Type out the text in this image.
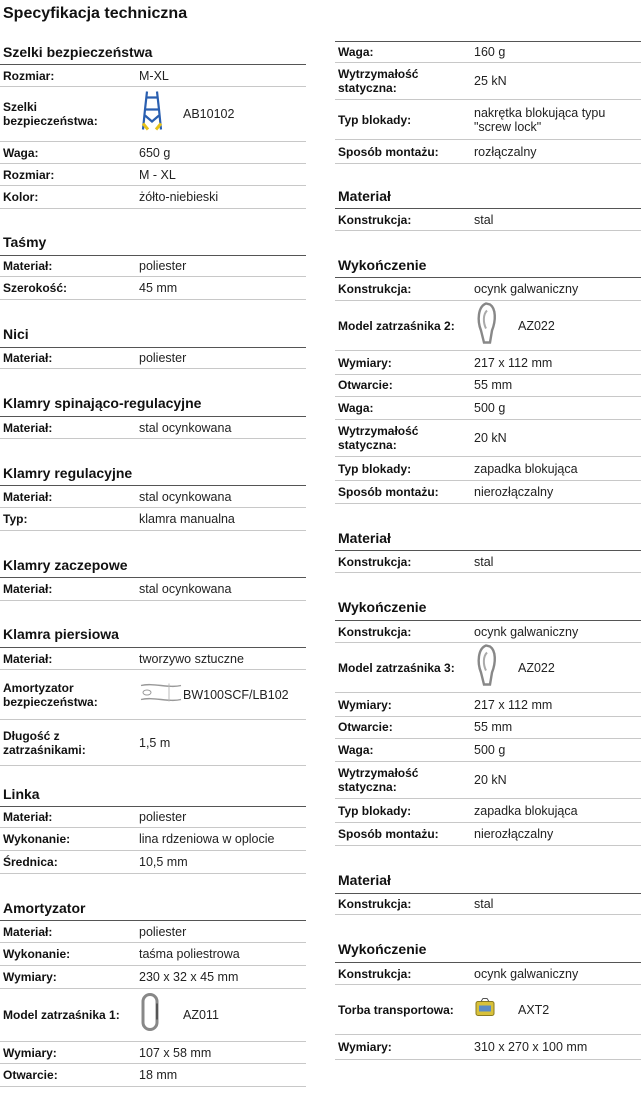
Specyfikacja techniczna
Szelki bezpieczeństwa
Rozmiar:	M-XL
Szelki bezpieczeństwa:	AB10102
Waga:	650 g
Rozmiar:	M - XL
Kolor:	żółto-niebieski
Taśmy
Materiał:	poliester
Szerokość:	45 mm
Nici
Materiał:	poliester
Klamry spinająco-regulacyjne
Materiał:	stal ocynkowana
Klamry regulacyjne
Materiał:	stal ocynkowana
Typ:	klamra manualna
Klamry zaczepowe
Materiał:	stal ocynkowana
Klamra piersiowa
Materiał:	tworzywo sztuczne
Amortyzator bezpieczeństwa:	BW100SCF/LB102
Długość z zatrzaśnikami:	1,5 m
Linka
Materiał:	poliester
Wykonanie:	lina rdzeniowa w oplocie
Średnica:	10,5 mm
Amortyzator
Materiał:	poliester
Wykonanie:	taśma poliestrowa
Wymiary:	230 x 32 x 45 mm
Model zatrzaśnika 1:	AZ011
Wymiary:	107 x 58 mm
Otwarcie:	18 mm
Waga:	160 g
Wytrzymałość statyczna:	25 kN
Typ blokady:	nakrętka blokująca typu "screw lock"
Sposób montażu:	rozłączalny
Materiał
Konstrukcja:	stal
Wykończenie
Konstrukcja:	ocynk galwaniczny
Model zatrzaśnika 2:	AZ022
Wymiary:	217 x 112 mm
Otwarcie:	55 mm
Waga:	500 g
Wytrzymałość statyczna:	20 kN
Typ blokady:	zapadka blokująca
Sposób montażu:	nierozłączalny
Materiał
Konstrukcja:	stal
Wykończenie
Konstrukcja:	ocynk galwaniczny
Model zatrzaśnika 3:	AZ022
Wymiary:	217 x 112 mm
Otwarcie:	55 mm
Waga:	500 g
Wytrzymałość statyczna:	20 kN
Typ blokady:	zapadka blokująca
Sposób montażu:	nierozłączalny
Materiał
Konstrukcja:	stal
Wykończenie
Konstrukcja:	ocynk galwaniczny
Torba transportowa:	AXT2
Wymiary:	310 x 270 x 100 mm
